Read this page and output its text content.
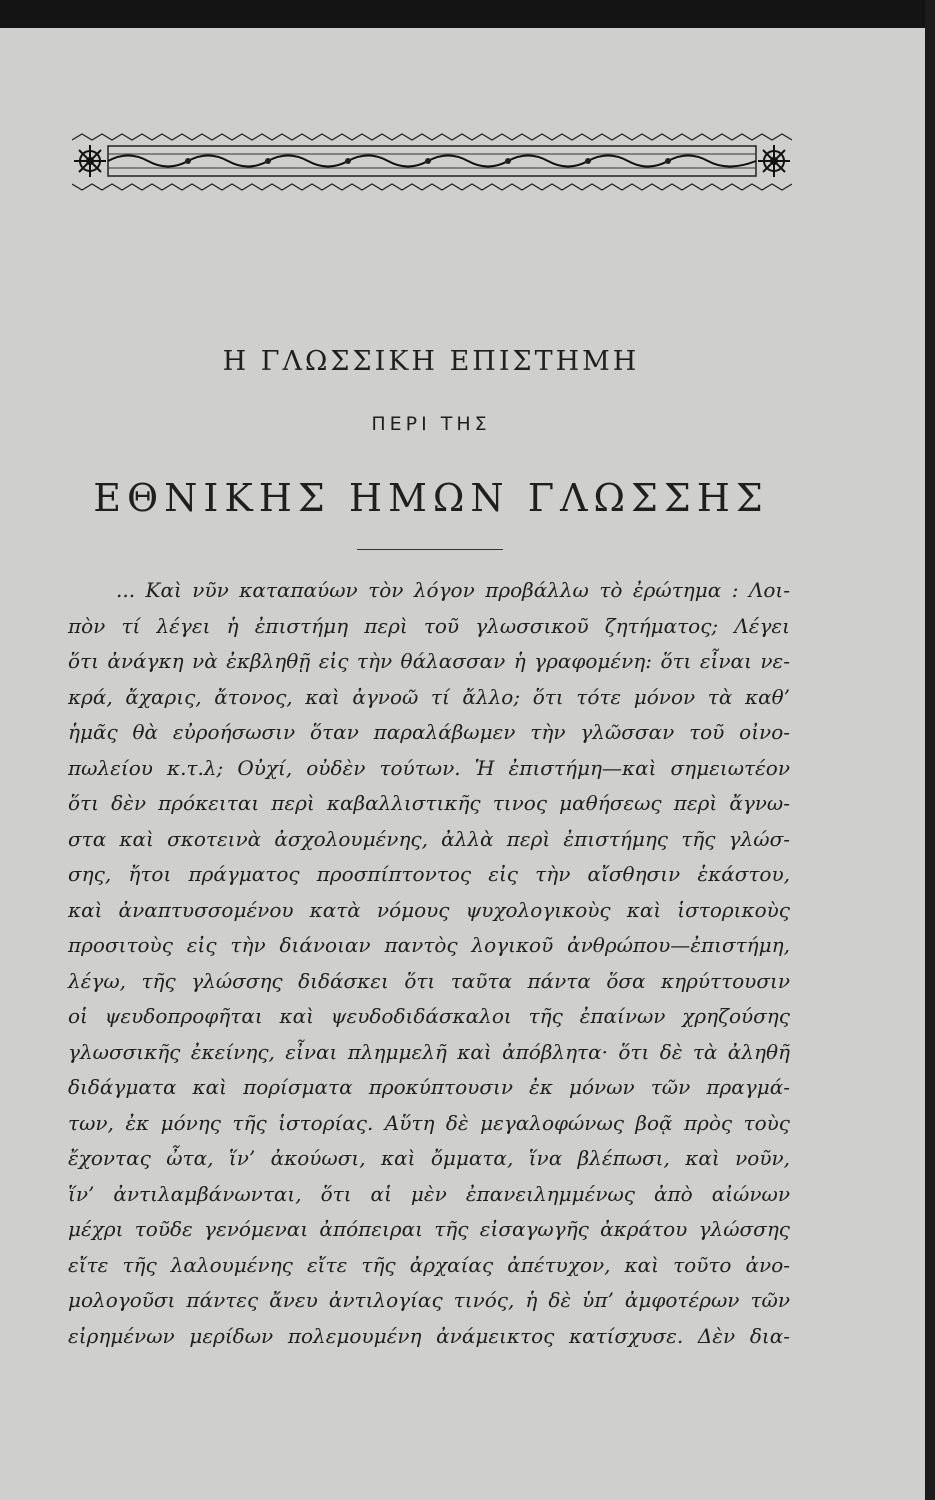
Η ΓΛΩΣΣΙΚΗ ΕΠΙΣΤΗΜΗ
ΠΕΡΙ ΤΗΣ
ΕΘΝΙΚΗΣ ΗΜΩΝ ΓΛΩΣΣΗΣ
... Καὶ νῦν καταπαύων τὸν λόγον προβάλλω τὸ ἐρώτημα : Λοι-
πὸν τί λέγει ἡ ἐπιστήμη περὶ τοῦ γλωσσικοῦ ζητήματος; Λέγει
ὅτι ἀνάγκη νὰ ἐκβληθῇ εἰς τὴν θάλασσαν ἡ γραφομένη: ὅτι εἶναι νε-
κρά, ἄχαρις, ἄτονος, καὶ ἀγνοῶ τί ἄλλο; ὅτι τότε μόνον τὰ καθ’
ἡμᾶς θὰ εὐροήσωσιν ὅταν παραλάβωμεν τὴν γλῶσσαν τοῦ οἰνο-
πωλείου κ.τ.λ; Οὐχί, οὐδὲν τούτων. Ἡ ἐπιστήμη—καὶ σημειωτέον
ὅτι δὲν πρόκειται περὶ καβαλλιστικῆς τινος μαθήσεως περὶ ἄγνω-
στα καὶ σκοτεινὰ ἀσχολουμένης, ἀλλὰ περὶ ἐπιστήμης τῆς γλώσ-
σης, ἤτοι πράγματος προσπίπτοντος εἰς τὴν αἴσθησιν ἑκάστου,
καὶ ἀναπτυσσομένου κατὰ νόμους ψυχολογικοὺς καὶ ἱστορικοὺς
προσιτοὺς εἰς τὴν διάνοιαν παντὸς λογικοῦ ἀνθρώπου—ἐπιστήμη,
λέγω, τῆς γλώσσης διδάσκει ὅτι ταῦτα πάντα ὅσα κηρύττουσιν
οἱ ψευδοπροφῆται καὶ ψευδοδιδάσκαλοι τῆς ἐπαίνων χρηζούσης
γλωσσικῆς ἐκείνης, εἶναι πλημμελῆ καὶ ἀπόβλητα· ὅτι δὲ τὰ ἀληθῆ
διδάγματα καὶ πορίσματα προκύπτουσιν ἐκ μόνων τῶν πραγμά-
των, ἐκ μόνης τῆς ἱστορίας. Αὕτη δὲ μεγαλοφώνως βοᾷ πρὸς τοὺς
ἔχοντας ὦτα, ἵν’ ἀκούωσι, καὶ ὄμματα, ἵνα βλέπωσι, καὶ νοῦν,
ἵν’ ἀντιλαμβάνωνται, ὅτι αἱ μὲν ἐπανειλημμένως ἀπὸ αἰώνων
μέχρι τοῦδε γενόμεναι ἀπόπειραι τῆς εἰσαγωγῆς ἀκράτου γλώσσης
εἴτε τῆς λαλουμένης εἴτε τῆς ἀρχαίας ἀπέτυχον, καὶ τοῦτο ἀνο-
μολογοῦσι πάντες ἄνευ ἀντιλογίας τινός, ἡ δὲ ὑπ’ ἀμφοτέρων τῶν
εἰρημένων μερίδων πολεμουμένη ἀνάμεικτος κατίσχυσε. Δὲν δια-
